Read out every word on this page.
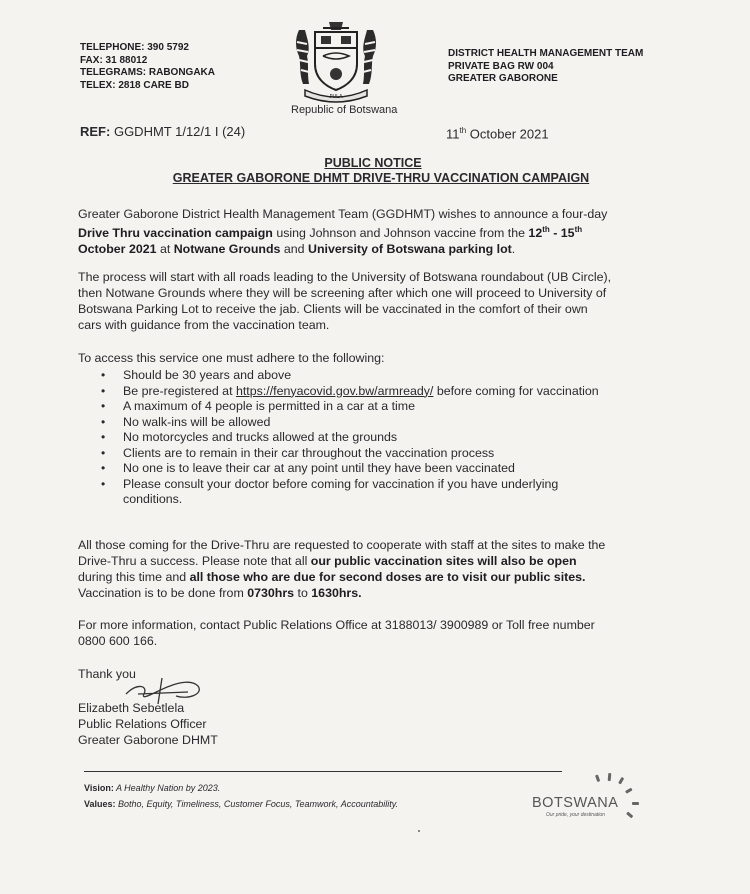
TELEPHONE: 390 5792
FAX: 31 88012
TELEGRAMS: RABONGAKA
TELEX: 2818 CARE BD
PULA
Republic of Botswana
DISTRICT HEALTH MANAGEMENT TEAM
PRIVATE BAG RW 004
GREATER GABORONE
REF: GGDHMT 1/12/1 I (24)	11th October 2021
PUBLIC NOTICE
GREATER GABORONE DHMT DRIVE-THRU VACCINATION CAMPAIGN
Greater Gaborone District Health Management Team (GGDHMT) wishes to announce a four-day
Drive Thru vaccination campaign using Johnson and Johnson vaccine from the 12th - 15th
October 2021 at Notwane Grounds and University of Botswana parking lot.
The process will start with all roads leading to the University of Botswana roundabout (UB Circle),
then Notwane Grounds where they will be screening after which one will proceed to University of
Botswana Parking Lot to receive the jab. Clients will be vaccinated in the comfort of their own
cars with guidance from the vaccination team.
To access this service one must adhere to the following:
• Should be 30 years and above
• Be pre-registered at https://fenyacovid.gov.bw/armready/ before coming for vaccination
• A maximum of 4 people is permitted in a car at a time
• No walk-ins will be allowed
• No motorcycles and trucks allowed at the grounds
• Clients are to remain in their car throughout the vaccination process
• No one is to leave their car at any point until they have been vaccinated
• Please consult your doctor before coming for vaccination if you have underlying
conditions.
All those coming for the Drive-Thru are requested to cooperate with staff at the sites to make the
Drive-Thru a success. Please note that all our public vaccination sites will also be open
during this time and all those who are due for second doses are to visit our public sites.
Vaccination is to be done from 0730hrs to 1630hrs.
For more information, contact Public Relations Office at 3188013/ 3900989 or Toll free number
0800 600 166.
Thank you
Elizabeth Sebetlela
Public Relations Officer
Greater Gaborone DHMT
Vision: A Healthy Nation by 2023.
Values: Botho, Equity, Timeliness, Customer Focus, Teamwork, Accountability.	BOTSWANA
Our pride, your destination
